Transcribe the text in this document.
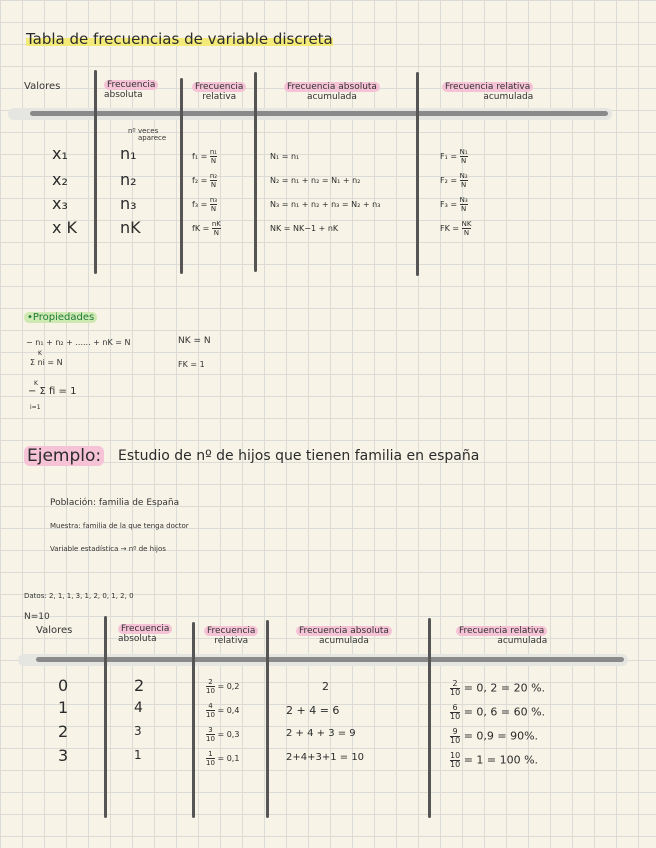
Tabla de frecuencias de variable discreta
Valores	Frecuencia
absoluta
Frecuencia
relativa
Frecuencia absoluta
acumulada
Frecuencia relativa
acumulada
nº veces
aparece
x₁
x₂
x₃
x K
n₁
n₂
n₃
nK
$f_1 = \frac{\text{n₁}}{N}$
$f_2 = \frac{\text{n₂}}{N}$
$f_3 = \frac{\text{n₃}}{N}$
fK = $\frac{nK}{N}$
N₁ = n₁
N₂ = n₁ + n₂ = N₁ + n₂
N₃ = n₁ + n₂ + n₃ = N₂ + n₃
NK = NK−1 + nK
$F_1 = \frac{\text{N₁}}{N}$
$F_2 = \frac{\text{N₂}}{N}$
$F_3 = \frac{\text{N₃}}{N}$
FK = $\frac{NK}{N}$
•Propiedades
− n₁ + n₂ + ...... + nK = N
Σ ni = N
K
− Σ fi = 1
K
i=1
NK = N
FK = 1
Ejemplo: Estudio de nº de hijos que tienen familia en españa
Población: familia de España
Muestra: familia de la que tenga doctor
Variable estadística → nº de hijos
Datos: 2, 1, 1, 3, 1, 2, 0, 1, 2, 0
N=10
Valores	Frecuencia
absoluta
Frecuencia
relativa
Frecuencia absoluta
acumulada
Frecuencia relativa
acumulada
0
1
2
3
2
4
3
1
$\frac{2}{10} = 0,2$
$\frac{4}{10} = 0,4$
$\frac{3}{10} = 0,3$
$\frac{1}{10} = 0,1$
2
2 + 4 = 6
2 + 4 + 3 = 9
2+4+3+1 = 10
$\frac{2}{10} = 0$, 2 = 20 %.
$\frac{6}{10} = 0$, 6 = 60 %.
$\frac{9}{10} = 0,9 = 90\%$.
$\frac{10}{10} = 1 = 100$ %.
